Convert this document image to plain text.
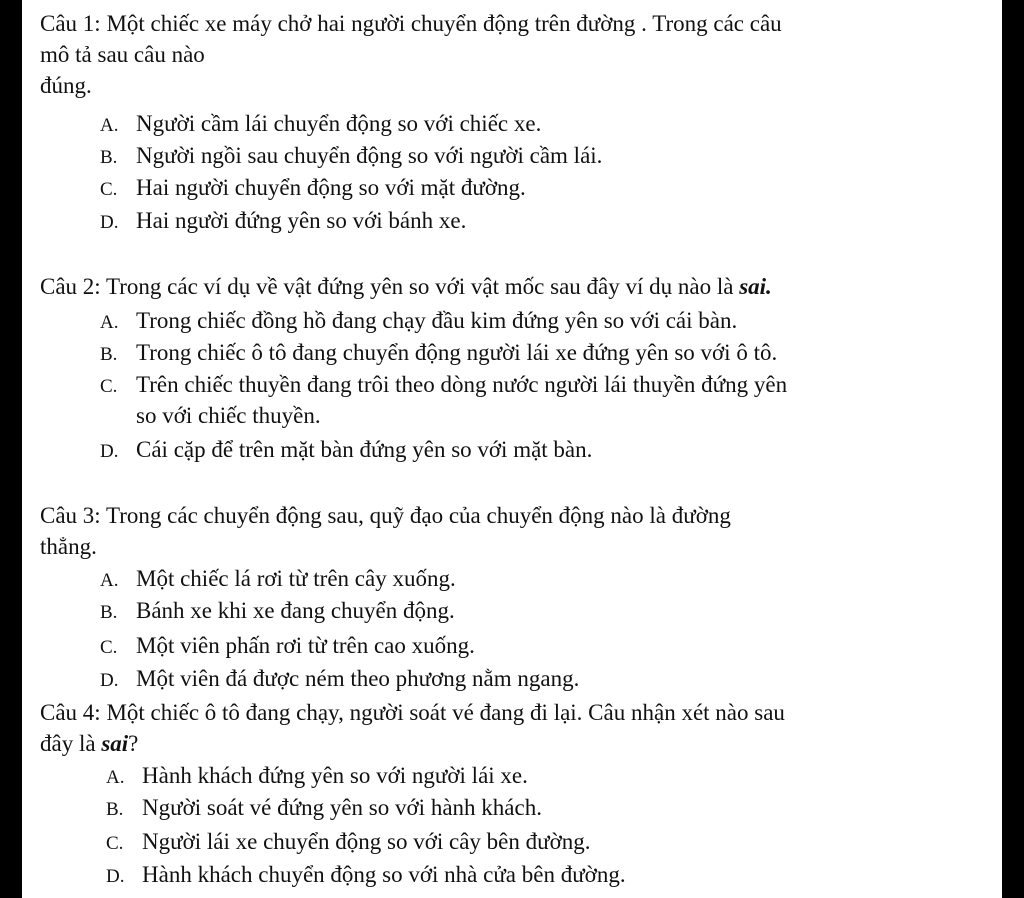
Câu 1: Một chiếc xe máy chở hai người chuyển động trên đường . Trong các câu
mô tả sau câu nào
đúng.
A. Người cầm lái chuyển động so với chiếc xe.
B. Người ngồi sau chuyển động so với người cầm lái.
C. Hai người chuyển động so với mặt đường.
D. Hai người đứng yên so với bánh xe.
Câu 2: Trong các ví dụ về vật đứng yên so với vật mốc sau đây ví dụ nào là sai.
A. Trong chiếc đồng hồ đang chạy đầu kim đứng yên so với cái bàn.
B. Trong chiếc ô tô đang chuyển động người lái xe đứng yên so với ô tô.
C. Trên chiếc thuyền đang trôi theo dòng nước người lái thuyền đứng yên
so với chiếc thuyền.
D. Cái cặp để trên mặt bàn đứng yên so với mặt bàn.
Câu 3: Trong các chuyển động sau, quỹ đạo của chuyển động nào là đường
thẳng.
A. Một chiếc lá rơi từ trên cây xuống.
B. Bánh xe khi xe đang chuyển động.
C. Một viên phấn rơi từ trên cao xuống.
D. Một viên đá được ném theo phương nằm ngang.
Câu 4: Một chiếc ô tô đang chạy, người soát vé đang đi lại. Câu nhận xét nào sau
đây là sai?
A. Hành khách đứng yên so với người lái xe.
B. Người soát vé đứng yên so với hành khách.
C. Người lái xe chuyển động so với cây bên đường.
D. Hành khách chuyển động so với nhà cửa bên đường.
